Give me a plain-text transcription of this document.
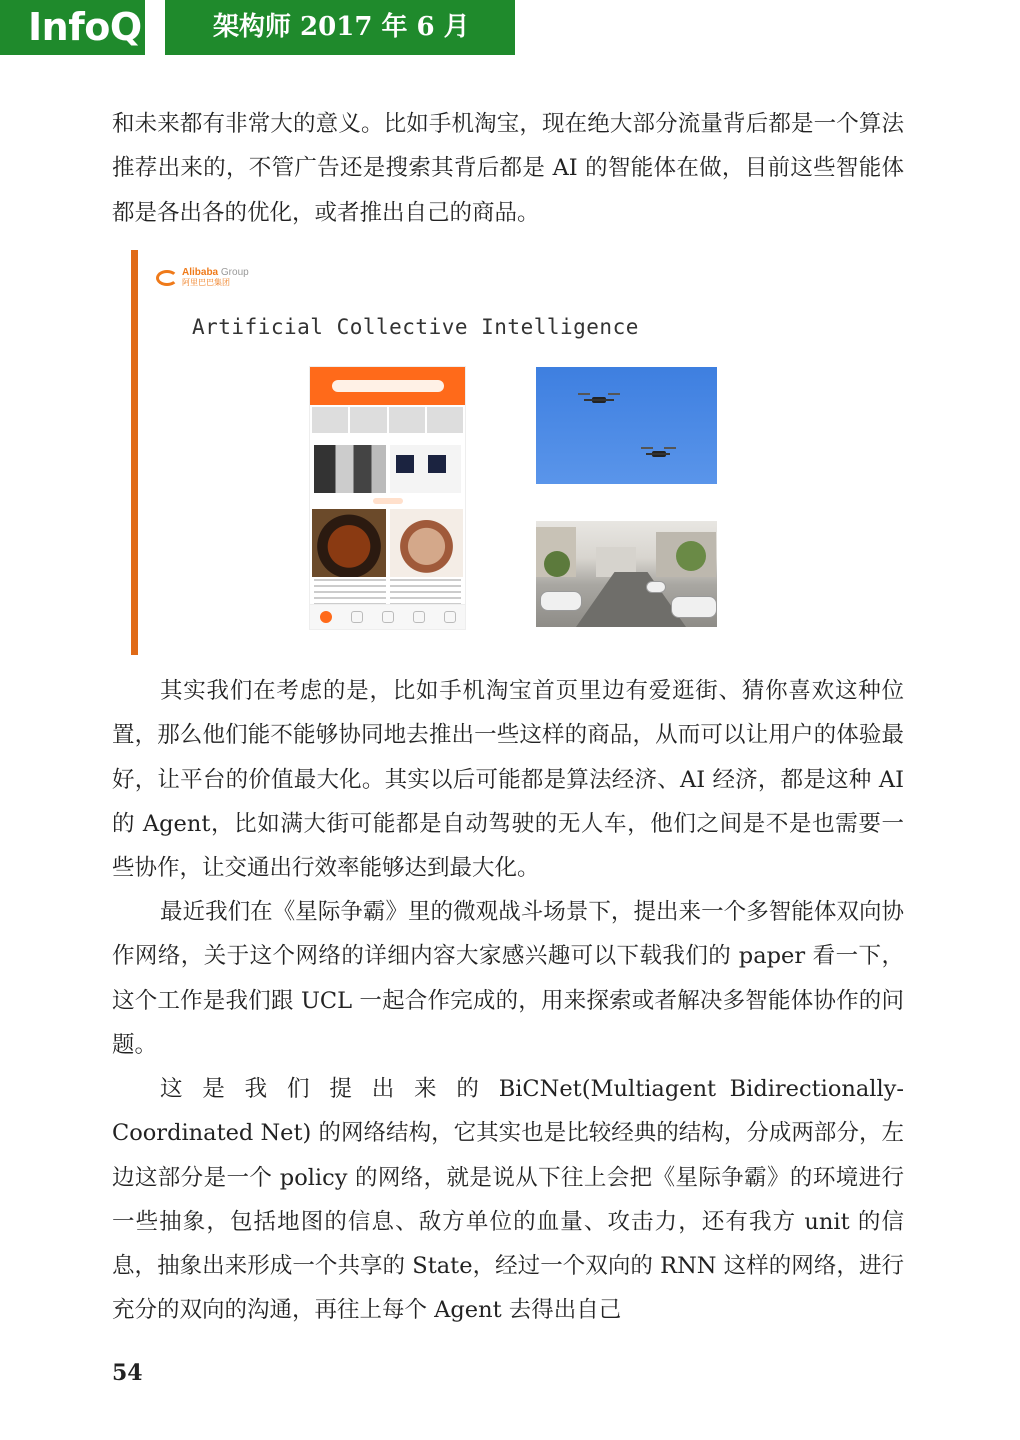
InfoQ	架构师 2017 年 6 月

和未来都有非常大的意义。比如手机淘宝，现在绝大部分流量背后都是一个算法推荐出来的，不管广告还是搜索其背后都是 AI 的智能体在做，目前这些智能体都是各出各的优化，或者推出自己的商品。

Alibaba Group
阿里巴巴集团
Artificial Collective Intelligence

其实我们在考虑的是，比如手机淘宝首页里边有爱逛街、猜你喜欢这种位置，那么他们能不能够协同地去推出一些这样的商品，从而可以让用户的体验最好，让平台的价值最大化。其实以后可能都是算法经济、AI 经济，都是这种 AI 的 Agent，比如满大街可能都是自动驾驶的无人车，他们之间是不是也需要一些协作，让交通出行效率能够达到最大化。

最近我们在《星际争霸》里的微观战斗场景下，提出来一个多智能体双向协作网络，关于这个网络的详细内容大家感兴趣可以下载我们的 paper 看一下，这个工作是我们跟 UCL 一起合作完成的，用来探索或者解决多智能体协作的问题。

这 是 我 们 提 出 来 的 BiCNet(Multiagent Bidirectionally-Coordinated Net) 的网络结构，它其实也是比较经典的结构，分成两部分，左边这部分是一个 policy 的网络，就是说从下往上会把《星际争霸》的环境进行一些抽象，包括地图的信息、敌方单位的血量、攻击力，还有我方 unit 的信息，抽象出来形成一个共享的 State，经过一个双向的 RNN 这样的网络，进行充分的双向的沟通，再往上每个 Agent 去得出自己

54
